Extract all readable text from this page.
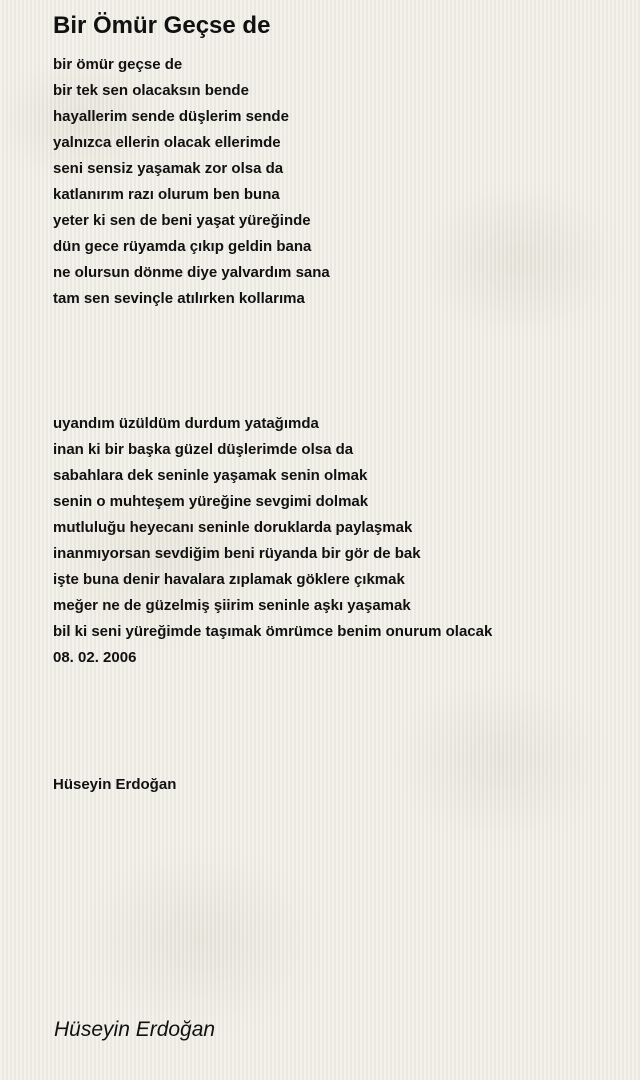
Bir Ömür Geçse de
bir ömür geçse de
bir tek sen olacaksın bende
hayallerim sende düşlerim sende
yalnızca ellerin olacak ellerimde
seni sensiz yaşamak zor olsa da
katlanırım razı olurum ben buna
yeter ki sen de beni yaşat yüreğinde
dün gece rüyamda çıkıp geldin bana
ne olursun dönme diye yalvardım sana
tam sen sevinçle atılırken kollarıma
uyandım üzüldüm durdum yatağımda
inan ki bir başka güzel düşlerimde olsa da
sabahlara dek seninle yaşamak senin olmak
senin o muhteşem yüreğine sevgimi dolmak
mutluluğu heyecanı seninle doruklarda paylaşmak
inanmıyorsan sevdiğim beni rüyanda bir gör de bak
işte buna denir havalara zıplamak göklere çıkmak
meğer ne de güzelmiş şiirim seninle aşkı yaşamak
bil ki seni yüreğimde taşımak ömrümce benim onurum olacak
08. 02. 2006
Hüseyin Erdoğan
Hüseyin Erdoğan
